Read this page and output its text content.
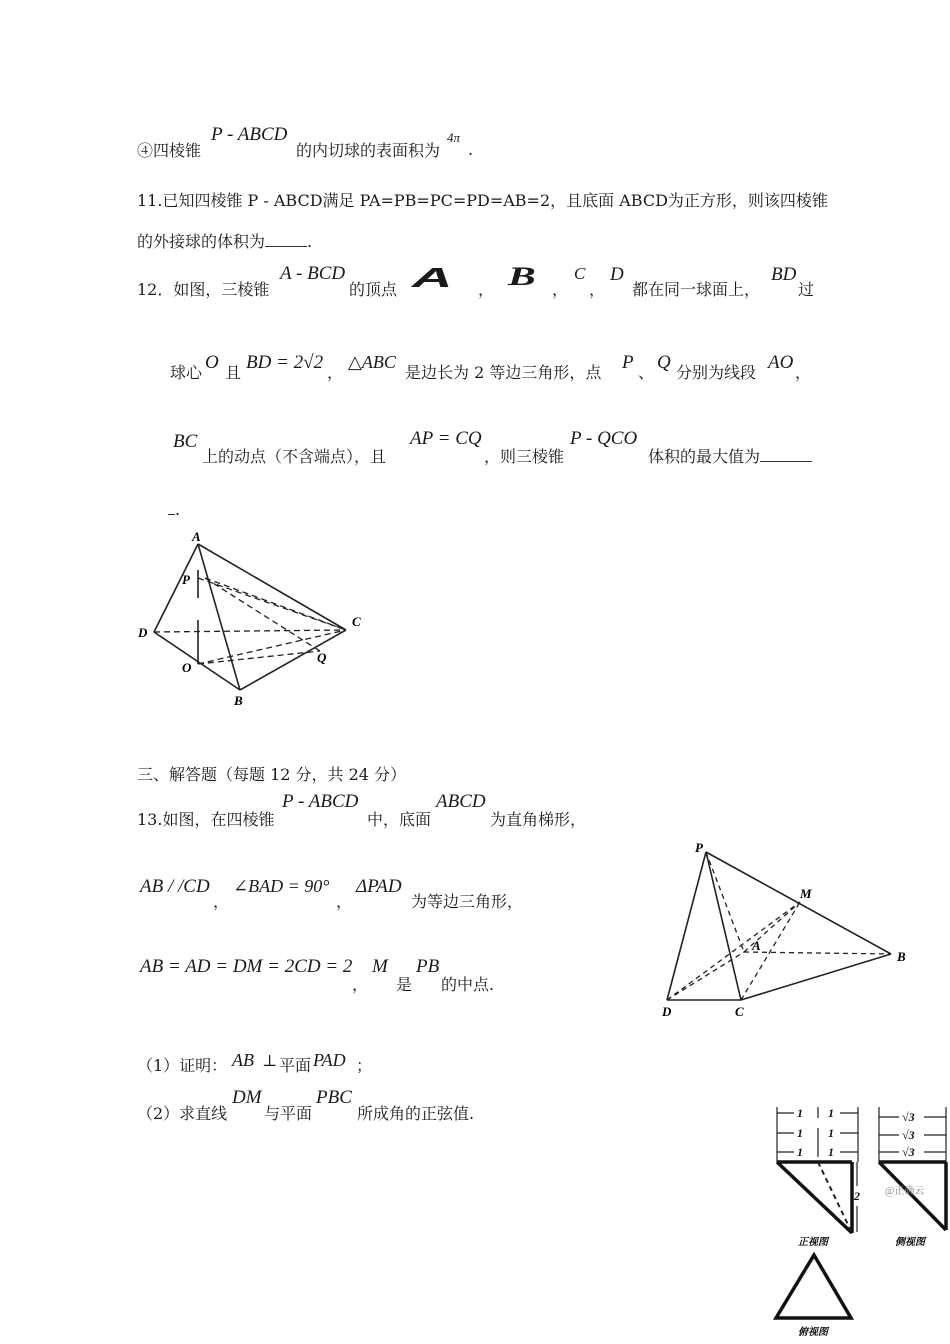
④四棱锥
P - ABCD
的内切球的表面积为
4π
.
11.已知四棱锥 P - ABCD满足 PA=PB=PC=PD=AB=2，且底面 ABCD为正方形，则该四棱锥
的外接球的体积为	.
12．如图，三棱锥
A - BCD
的顶点 A ， B ，
C
，
D
都在同一球面上，
BD
过
球心 O 且 BD = 2√2 ，
△ABC
是边长为 2 等边三角形，点 P 、 Q 分别为线段 AO ，
BC
上的动点（不含端点），且
AP = CQ
，则三棱锥
P - QCO
体积的最大值为
.
A
P
D
C
O
Q
B
三、解答题（每题 12 分，共 24 分）
13.如图，在四棱锥
P - ABCD
中，底面
ABCD
为直角梯形，
AB / /CD
，
∠BAD = 90°
，
ΔPAD
为等边三角形，
AB = AD = DM = 2CD = 2
，
M
是
PB
的中点.
（1）证明： AB ⊥ 平面 PAD ；
（2）求直线
DM
与平面
PBC
所成角的正弦值.
P
M
A
B
D	C
1 1
1 1
1 1
√3
√3
√3
2
正视图	侧视图
俯视图
@正确云
